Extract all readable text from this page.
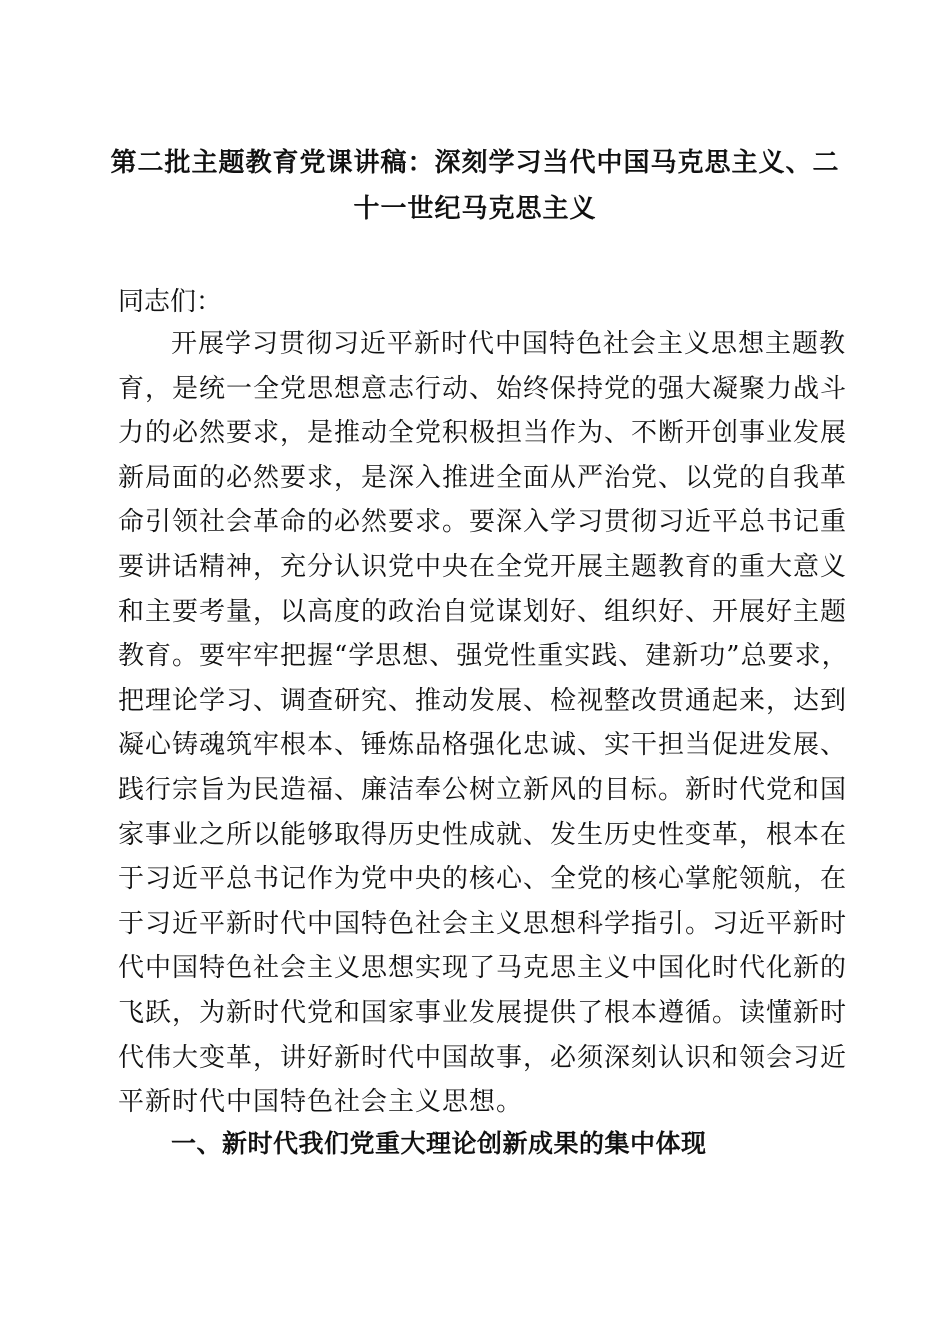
第二批主题教育党课讲稿：深刻学习当代中国马克思主义、二
十一世纪马克思主义
同志们：
开展学习贯彻习近平新时代中国特色社会主义思想主题教
育，是统一全党思想意志行动、始终保持党的强大凝聚力战斗
力的必然要求，是推动全党积极担当作为、不断开创事业发展
新局面的必然要求，是深入推进全面从严治党、以党的自我革
命引领社会革命的必然要求。要深入学习贯彻习近平总书记重
要讲话精神，充分认识党中央在全党开展主题教育的重大意义
和主要考量，以高度的政治自觉谋划好、组织好、开展好主题
教育。要牢牢把握“学思想、强党性重实践、建新功”总要求，
把理论学习、调查研究、推动发展、检视整改贯通起来，达到
凝心铸魂筑牢根本、锤炼品格强化忠诚、实干担当促进发展、
践行宗旨为民造福、廉洁奉公树立新风的目标。新时代党和国
家事业之所以能够取得历史性成就、发生历史性变革，根本在
于习近平总书记作为党中央的核心、全党的核心掌舵领航，在
于习近平新时代中国特色社会主义思想科学指引。习近平新时
代中国特色社会主义思想实现了马克思主义中国化时代化新的
飞跃，为新时代党和国家事业发展提供了根本遵循。读懂新时
代伟大变革，讲好新时代中国故事，必须深刻认识和领会习近
平新时代中国特色社会主义思想。
一、新时代我们党重大理论创新成果的集中体现
